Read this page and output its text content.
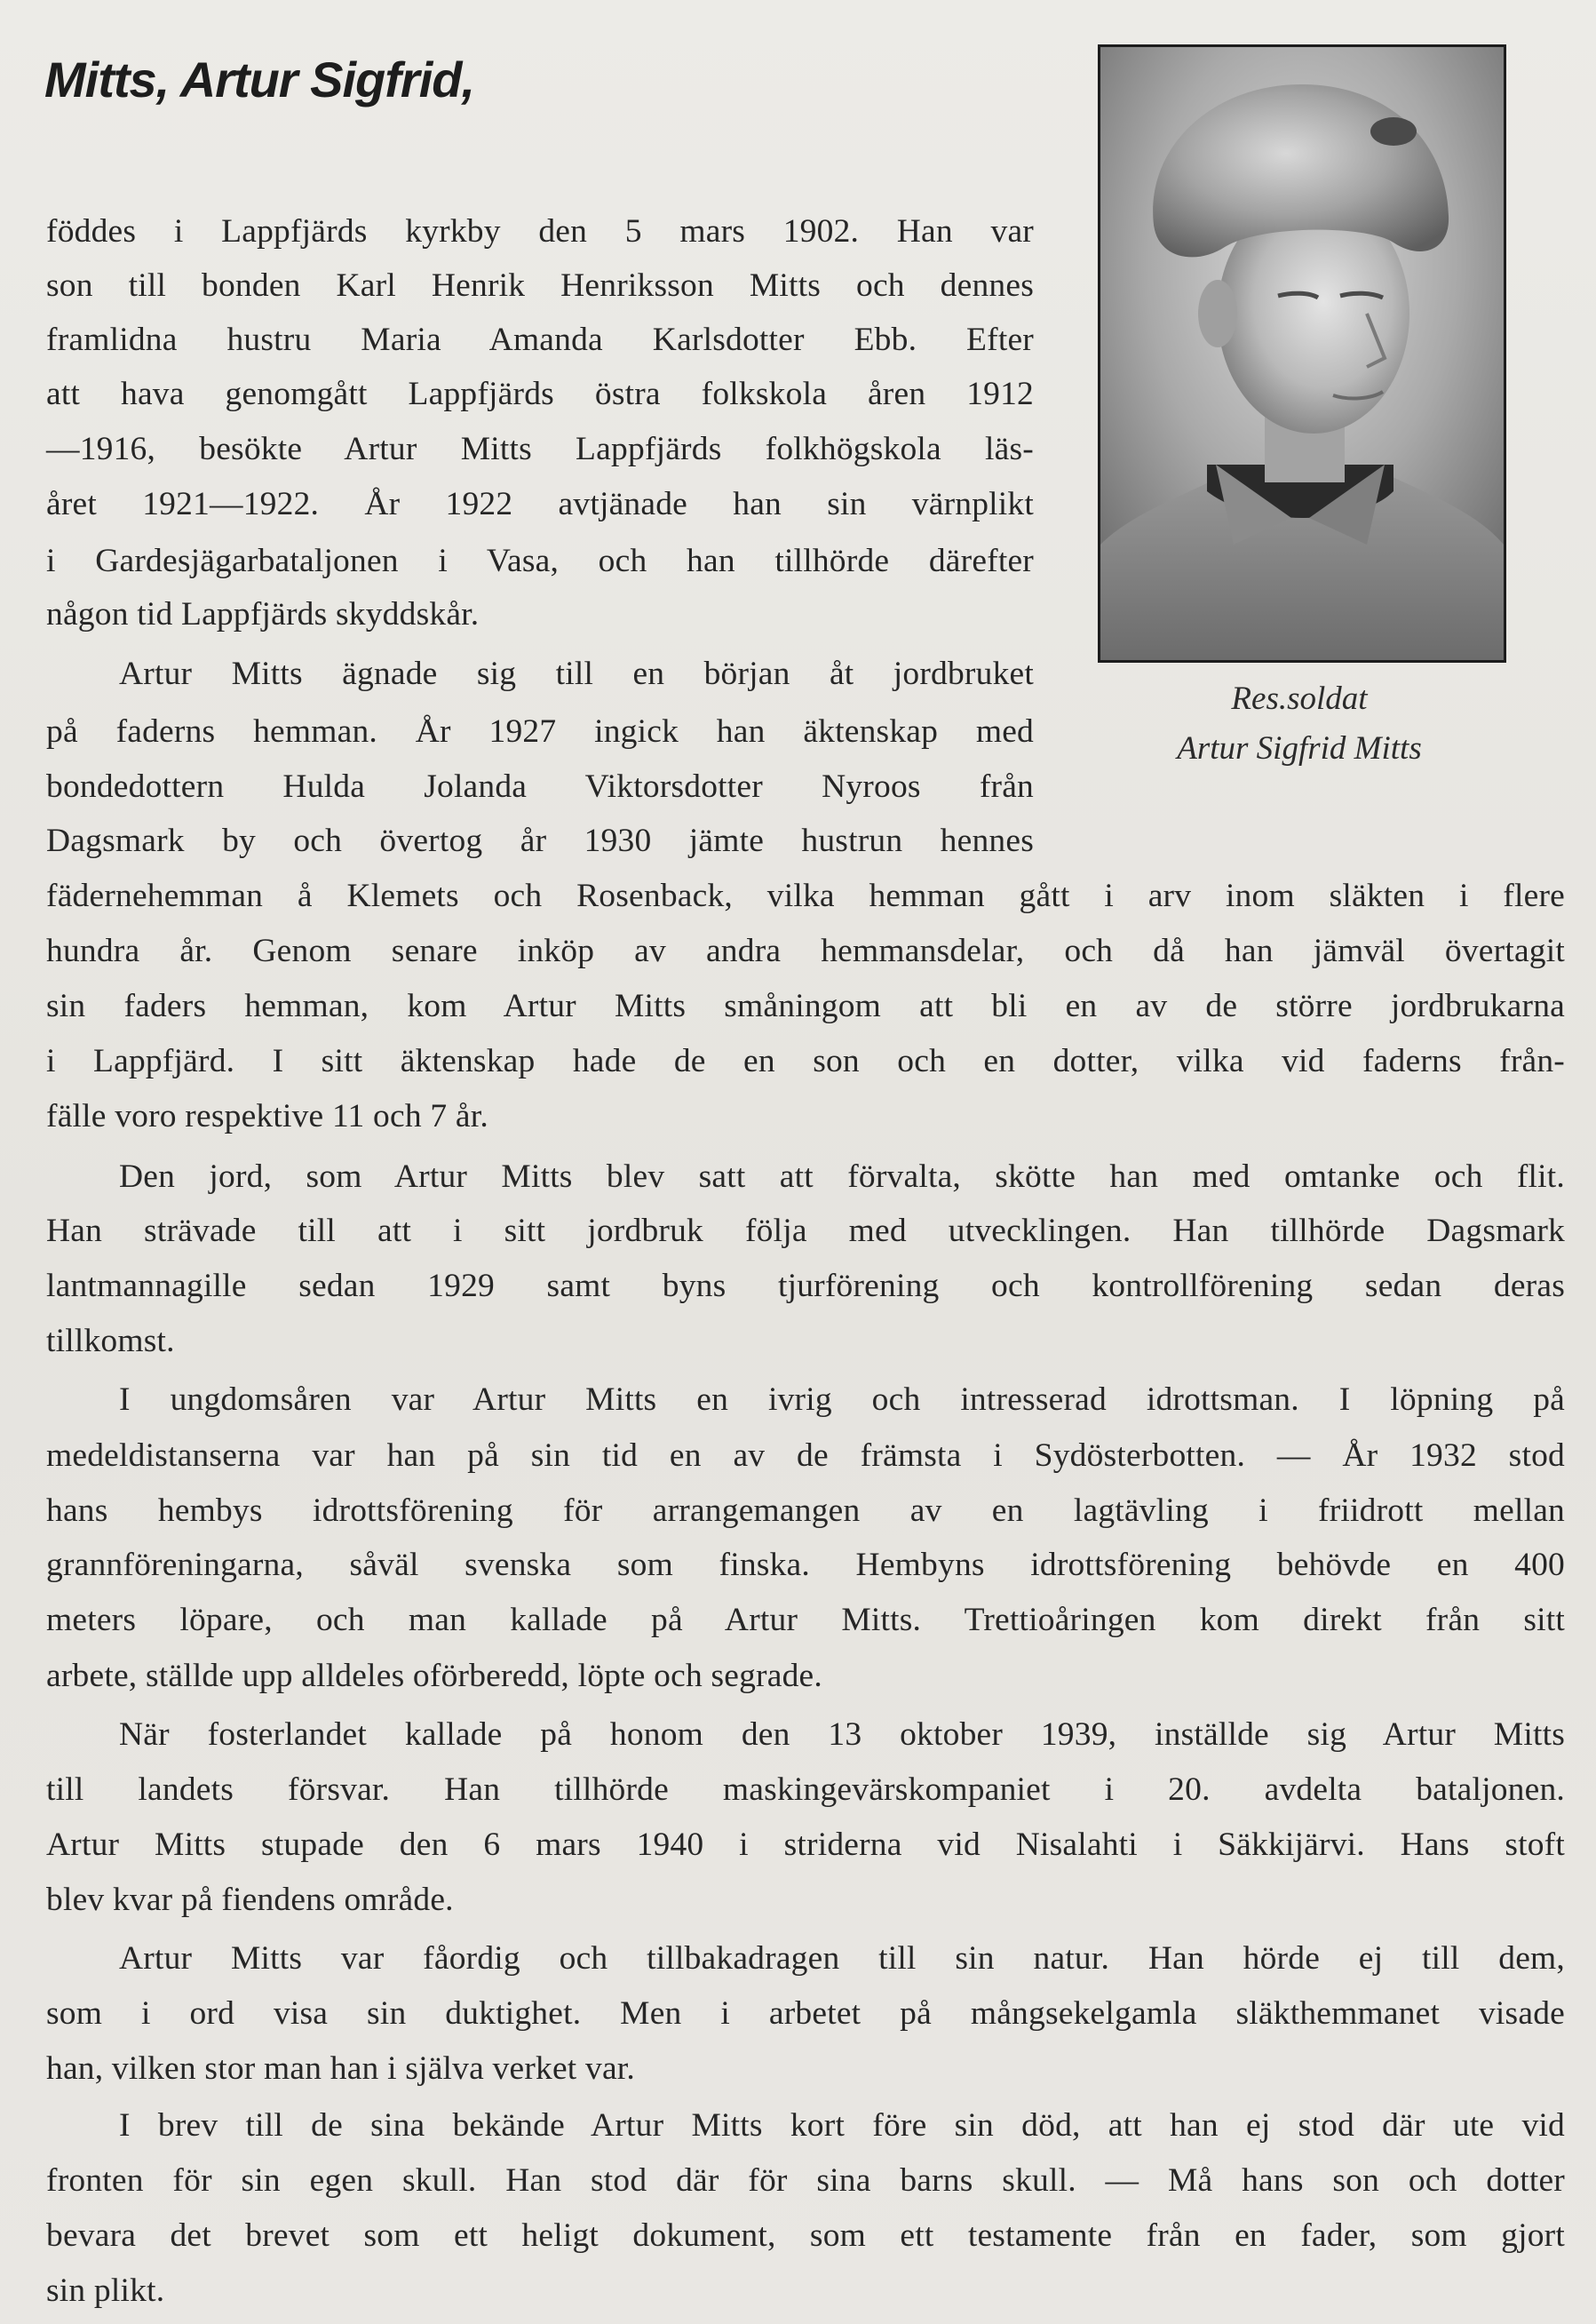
Mitts, Artur Sigfrid,
Res.soldat
Artur Sigfrid Mitts
föddes i Lappfjärds kyrkby den 5 mars 1902. Han var
son till bonden Karl Henrik Henriksson Mitts och dennes
framlidna hustru Maria Amanda Karlsdotter Ebb. Efter
att hava genomgått Lappfjärds östra folkskola åren 1912
—1916, besökte Artur Mitts Lappfjärds folkhögskola läs-
året 1921—1922. År 1922 avtjänade han sin värnplikt
i Gardesjägarbataljonen i Vasa, och han tillhörde därefter
någon tid Lappfjärds skyddskår.
Artur Mitts ägnade sig till en början åt jordbruket
på faderns hemman. År 1927 ingick han äktenskap med
bondedottern Hulda Jolanda Viktorsdotter Nyroos från
Dagsmark by och övertog år 1930 jämte hustrun hennes
fädernehemman å Klemets och Rosenback, vilka hemman gått i arv inom släkten i flere
hundra år. Genom senare inköp av andra hemmansdelar, och då han jämväl övertagit
sin faders hemman, kom Artur Mitts småningom att bli en av de större jordbrukarna
i Lappfjärd. I sitt äktenskap hade de en son och en dotter, vilka vid faderns från-
fälle voro respektive 11 och 7 år.
Den jord, som Artur Mitts blev satt att förvalta, skötte han med omtanke och flit.
Han strävade till att i sitt jordbruk följa med utvecklingen. Han tillhörde Dagsmark
lantmannagille sedan 1929 samt byns tjurförening och kontrollförening sedan deras
tillkomst.
I ungdomsåren var Artur Mitts en ivrig och intresserad idrottsman. I löpning på
medeldistanserna var han på sin tid en av de främsta i Sydösterbotten. — År 1932 stod
hans hembys idrottsförening för arrangemangen av en lagtävling i friidrott mellan
grannföreningarna, såväl svenska som finska. Hembyns idrottsförening behövde en 400
meters löpare, och man kallade på Artur Mitts. Trettioåringen kom direkt från sitt
arbete, ställde upp alldeles oförberedd, löpte och segrade.
När fosterlandet kallade på honom den 13 oktober 1939, inställde sig Artur Mitts
till landets försvar. Han tillhörde maskingevärskompaniet i 20. avdelta bataljonen.
Artur Mitts stupade den 6 mars 1940 i striderna vid Nisalahti i Säkkijärvi. Hans stoft
blev kvar på fiendens område.
Artur Mitts var fåordig och tillbakadragen till sin natur. Han hörde ej till dem,
som i ord visa sin duktighet. Men i arbetet på mångsekelgamla släkthemmanet visade
han, vilken stor man han i själva verket var.
I brev till de sina bekände Artur Mitts kort före sin död, att han ej stod där ute vid
fronten för sin egen skull. Han stod där för sina barns skull. — Må hans son och dotter
bevara det brevet som ett heligt dokument, som ett testamente från en fader, som gjort
sin plikt.
